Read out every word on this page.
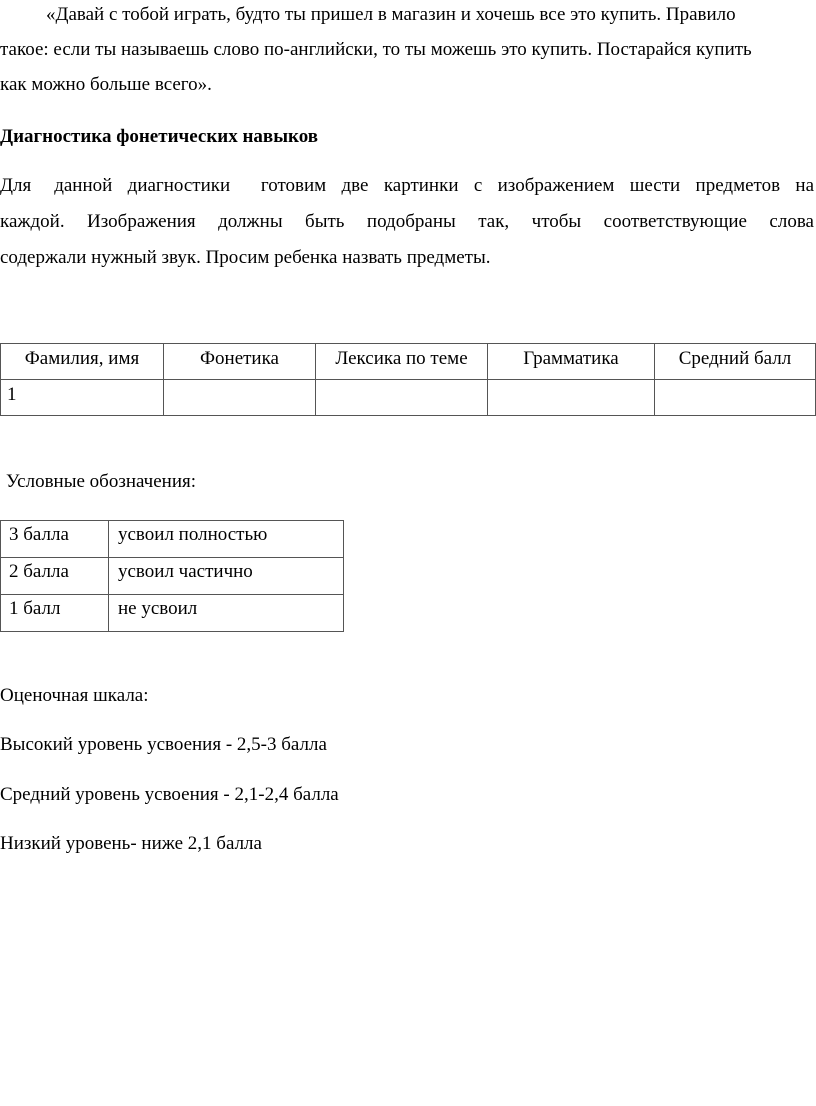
«Давай с тобой играть, будто ты пришел в магазин и хочешь все это купить. Правило
такое: если ты называешь слово по-английски, то ты можешь это купить. Постарайся купить
как можно больше всего».
Диагностика фонетических навыков
Для   данной  диагностики    готовим  две  картинки  с  изображением  шести  предметов  на
каждой.  Изображения  должны  быть  подобраны  так,  чтобы  соответствующие  слова
содержали нужный звук. Просим ребенка назвать предметы.
Фамилия, имя	Фонетика	Лексика по теме	Грамматика	Средний балл
1				
Условные обозначения:
3 балла	усвоил полностью
2 балла	усвоил частично
1 балл	не усвоил
Оценочная шкала:
Высокий уровень усвоения - 2,5-3 балла
Средний уровень усвоения - 2,1-2,4 балла
Низкий уровень- ниже 2,1 балла
